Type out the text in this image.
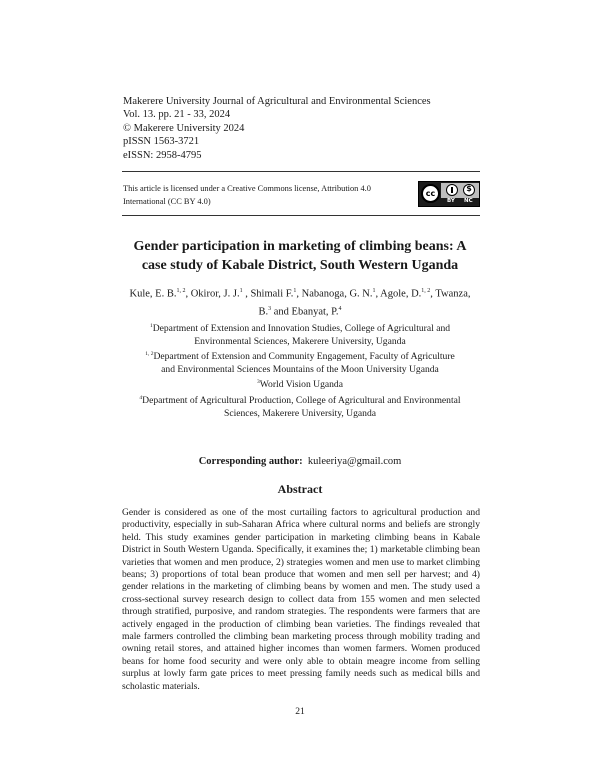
Makerere University Journal of Agricultural and Environmental Sciences
Vol. 13. pp. 21 - 33, 2024
© Makerere University 2024
pISSN 1563-3721
eISSN: 2958-4795
This article is licensed under a Creative Commons license, Attribution 4.0 International (CC BY 4.0)
cc
$
BY NC
Gender participation in marketing of climbing beans: A case study of Kabale District, South Western Uganda
Kule, E. B.$^{1, 2}$, Okiror, J. J.$^1$ , Shimali F.$^1$, Nabanoga, G. N.$^1$, Agole, D.$^{1, 2}$, Twanza,
B.$^3$ and Ebanyat, P.$^4$
$^1$Department of Extension and Innovation Studies, College of Agricultural and
Environmental Sciences, Makerere University, Uganda
$^{1, 2}$Department of Extension and Community Engagement, Faculty of Agriculture
and Environmental Sciences Mountains of the Moon University Uganda
$^3$World Vision Uganda
$^4$Department of Agricultural Production, College of Agricultural and Environmental
Sciences, Makerere University, Uganda
Corresponding author: kuleeriya@gmail.com
Abstract
Gender is considered as one of the most curtailing factors to agricultural production and productivity, especially in sub-Saharan Africa where cultural norms and beliefs are strongly held. This study examines gender participation in marketing climbing beans in Kabale District in South Western Uganda. Specifically, it examines the; 1) marketable climbing bean varieties that women and men produce, 2) strategies women and men use to market climbing beans; 3) proportions of total bean produce that women and men sell per harvest; and 4) gender relations in the marketing of climbing beans by women and men. The study used a cross-sectional survey research design to collect data from 155 women and men selected through stratified, purposive, and random strategies. The respondents were farmers that are actively engaged in the production of climbing bean varieties. The findings revealed that male farmers controlled the climbing bean marketing process through mobility trading and owning retail stores, and attained higher incomes than women farmers. Women produced beans for home food security and were only able to obtain meagre income from selling surplus at lowly farm gate prices to meet pressing family needs such as medical bills and scholastic materials.
21
